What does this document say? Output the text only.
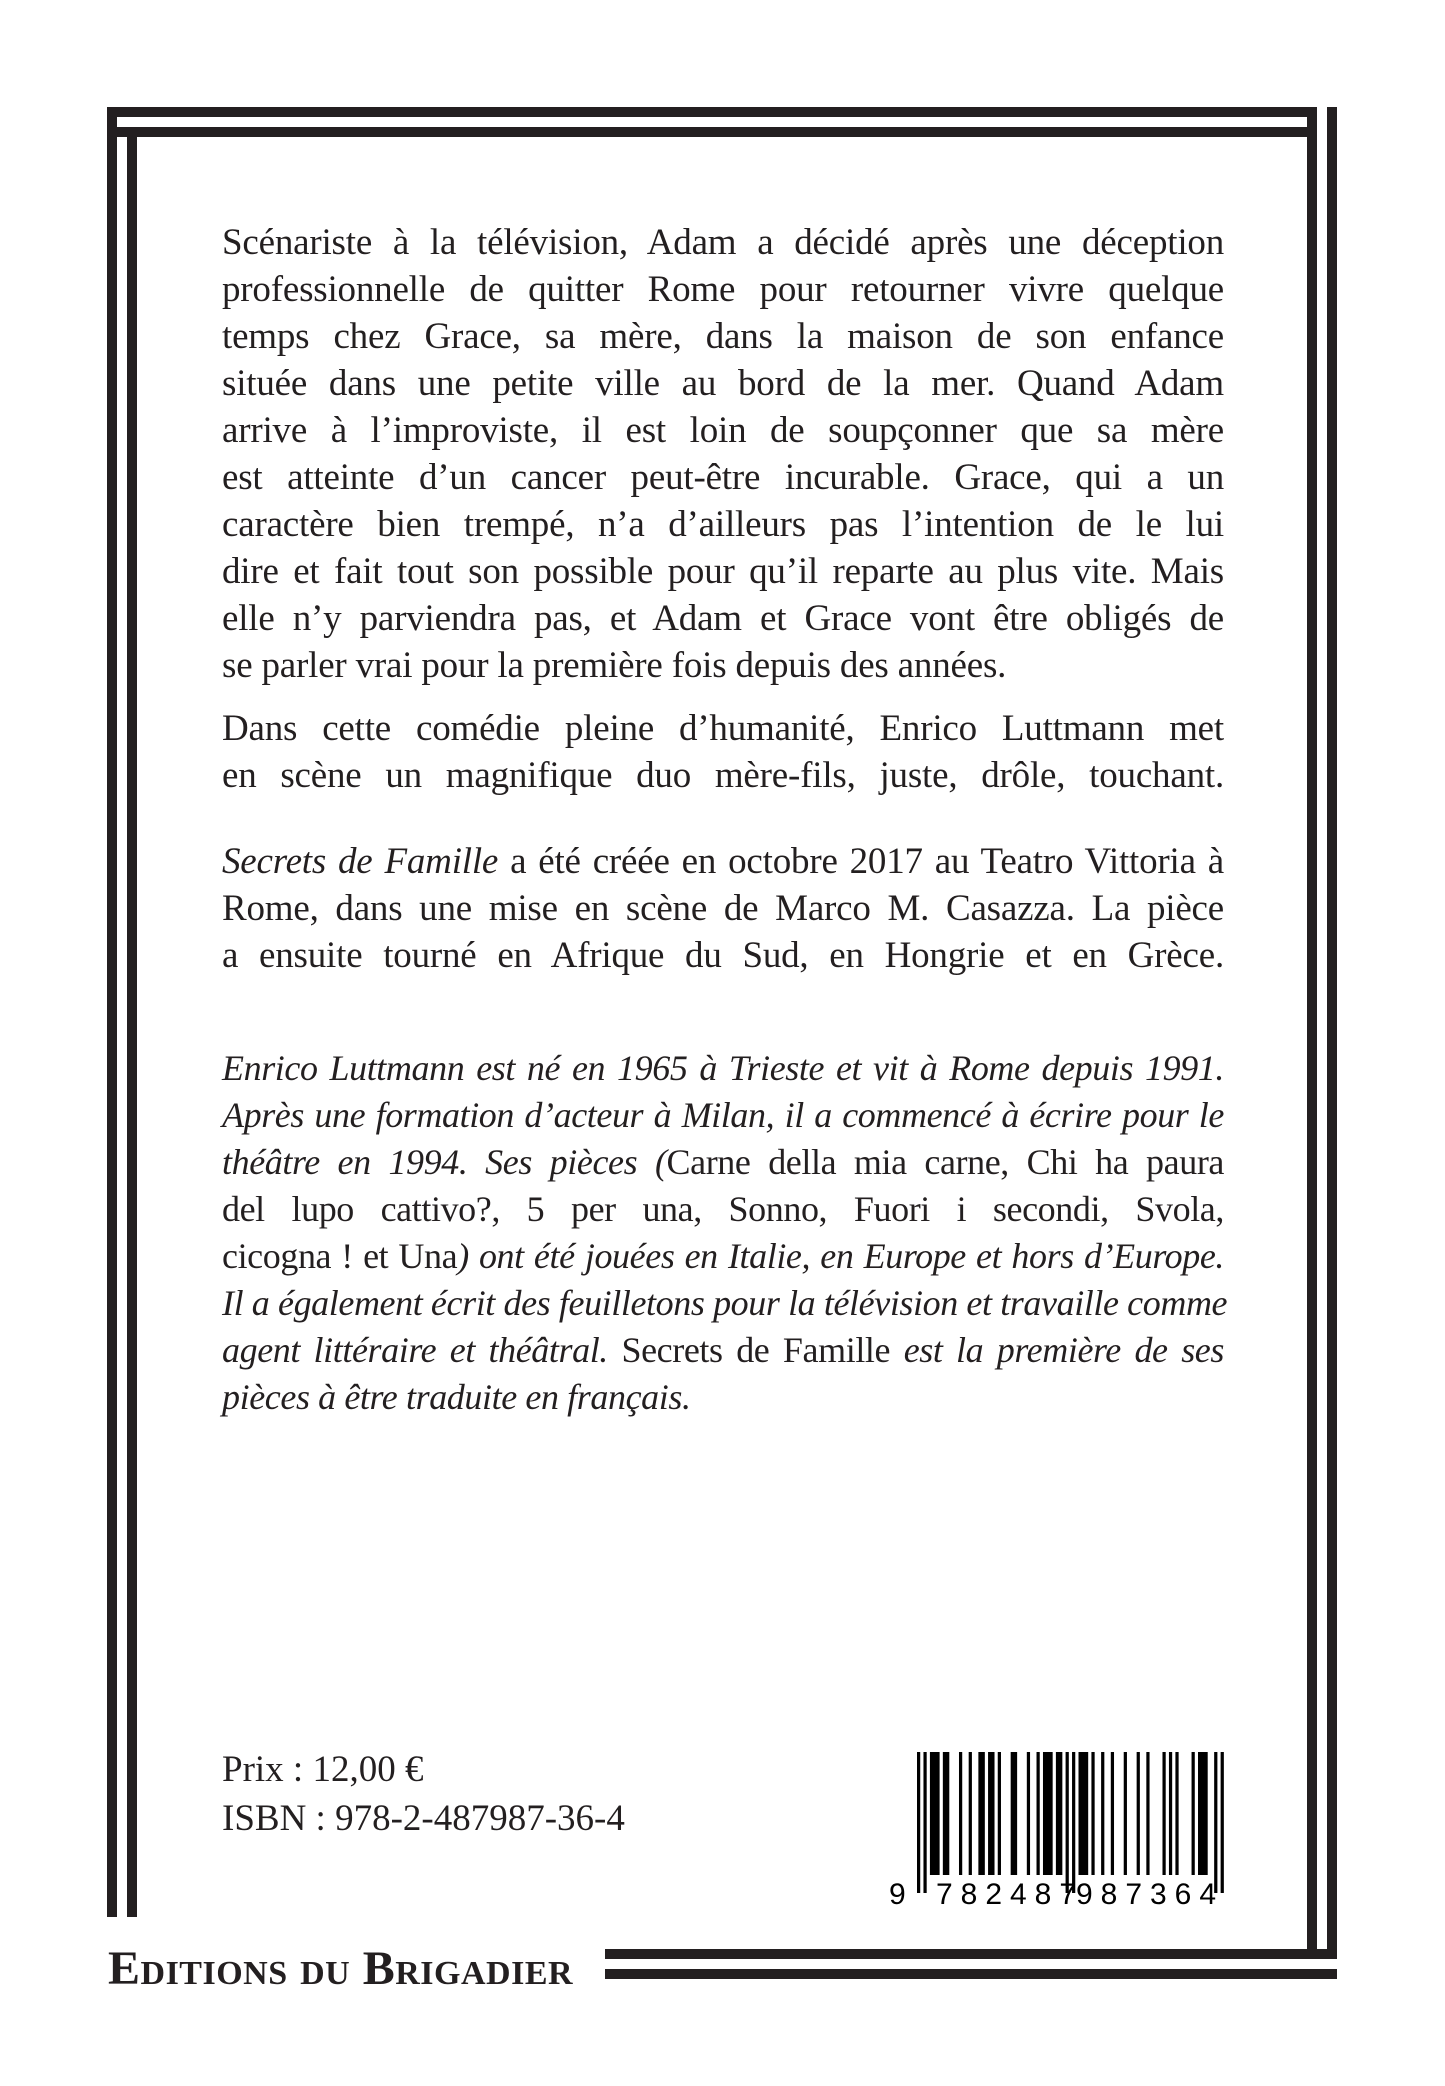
Scénariste à la télévision, Adam a décidé après une déception
professionnelle de quitter Rome pour retourner vivre quelque
temps chez Grace, sa mère, dans la maison de son enfance
située dans une petite ville au bord de la mer. Quand Adam
arrive à l’improviste, il est loin de soupçonner que sa mère
est atteinte d’un cancer peut-être incurable. Grace, qui a un
caractère bien trempé, n’a d’ailleurs pas l’intention de le lui
dire et fait tout son possible pour qu’il reparte au plus vite. Mais
elle n’y parviendra pas, et Adam et Grace vont être obligés de
se parler vrai pour la première fois depuis des années.
Dans cette comédie pleine d’humanité, Enrico Luttmann met
en scène un magnifique duo mère-fils, juste, drôle, touchant.
Secrets de Famille a été créée en octobre 2017 au Teatro Vittoria à
Rome, dans une mise en scène de Marco M. Casazza. La pièce
a ensuite tourné en Afrique du Sud, en Hongrie et en Grèce.
Enrico Luttmann est né en 1965 à Trieste et vit à Rome depuis 1991.
Après une formation d’acteur à Milan, il a commencé à écrire pour le
théâtre en 1994. Ses pièces (Carne della mia carne, Chi ha paura
del lupo cattivo?, 5 per una, Sonno, Fuori i secondi, Svola,
cicogna ! et Una) ont été jouées en Italie, en Europe et hors d’Europe.
Il a également écrit des feuilletons pour la télévision et travaille comme
agent littéraire et théâtral. Secrets de Famille est la première de ses
pièces à être traduite en français.
Prix : 12,00 €
ISBN : 978-2-487987-36-4
9 782487 987364
Editions du Brigadier
